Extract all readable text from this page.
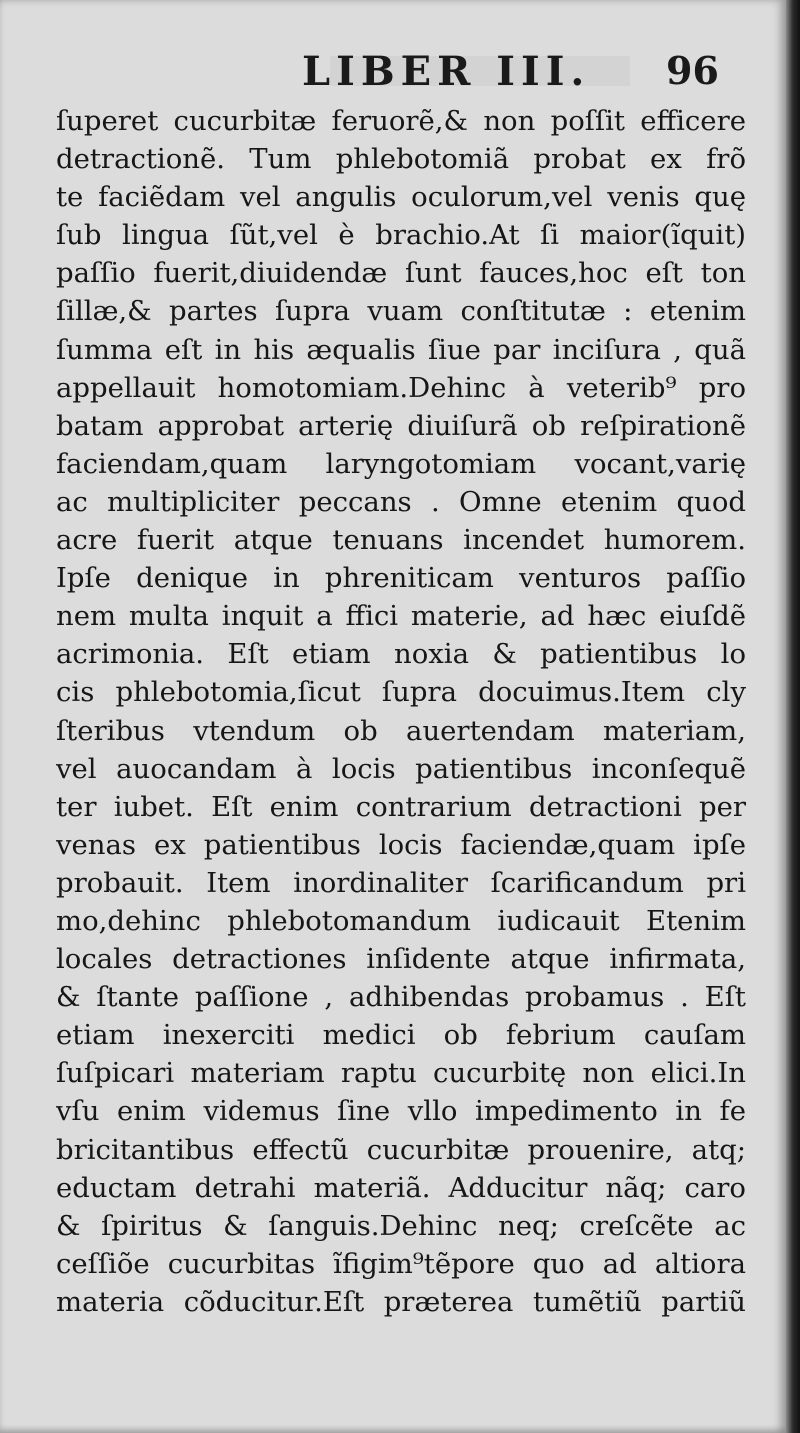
LIBER III. 96
ſuperet cucurbitæ feruorẽ,& non poſſit efficere
detractionẽ. Tum phlebotomiã probat ex frõ
te faciẽdam vel angulis oculorum,vel venis quę
ſub lingua ſũt,vel è brachio.At ſi maior(ĩquit)
paſſio fuerit,diuidendæ ſunt fauces,hoc eſt ton
ſillæ,& partes ſupra vuam conſtitutæ : etenim
ſumma eſt in his æqualis ſiue par inciſura , quã
appellauit homotomiam.Dehinc à veterib⁹ pro
batam approbat arterię diuiſurã ob reſpirationẽ
faciendam,quam laryngotomiam vocant,varię
ac multipliciter peccans . Omne etenim quod
acre fuerit atque tenuans incendet humorem.
Ipſe denique in phreniticam venturos paſſio
nem multa inquit a ffici materie, ad hæc eiuſdẽ
acrimonia. Eſt etiam noxia & patientibus lo
cis phlebotomia,ſicut ſupra docuimus.Item cly
ſteribus vtendum ob auertendam materiam,
vel auocandam à locis patientibus inconſequẽ
ter iubet. Eſt enim contrarium detractioni per
venas ex patientibus locis faciendæ,quam ipſe
probauit. Item inordinaliter ſcarificandum pri
mo,dehinc phlebotomandum iudicauit Etenim
locales detractiones inſidente atque infirmata,
& ſtante paſſione , adhibendas probamus . Eſt
etiam inexerciti medici ob febrium cauſam
ſuſpicari materiam raptu cucurbitę non elici.In
vſu enim videmus ſine vllo impedimento in fe
bricitantibus effectũ cucurbitæ prouenire, atq;
eductam detrahi materiã. Adducitur nãq; caro
& ſpiritus & ſanguis.Dehinc neq; creſcẽte ac
ceſſiõe cucurbitas ĩfigim⁹tẽpore quo ad altiora
materia cõducitur.Eſt præterea tumẽtiũ partiũ
